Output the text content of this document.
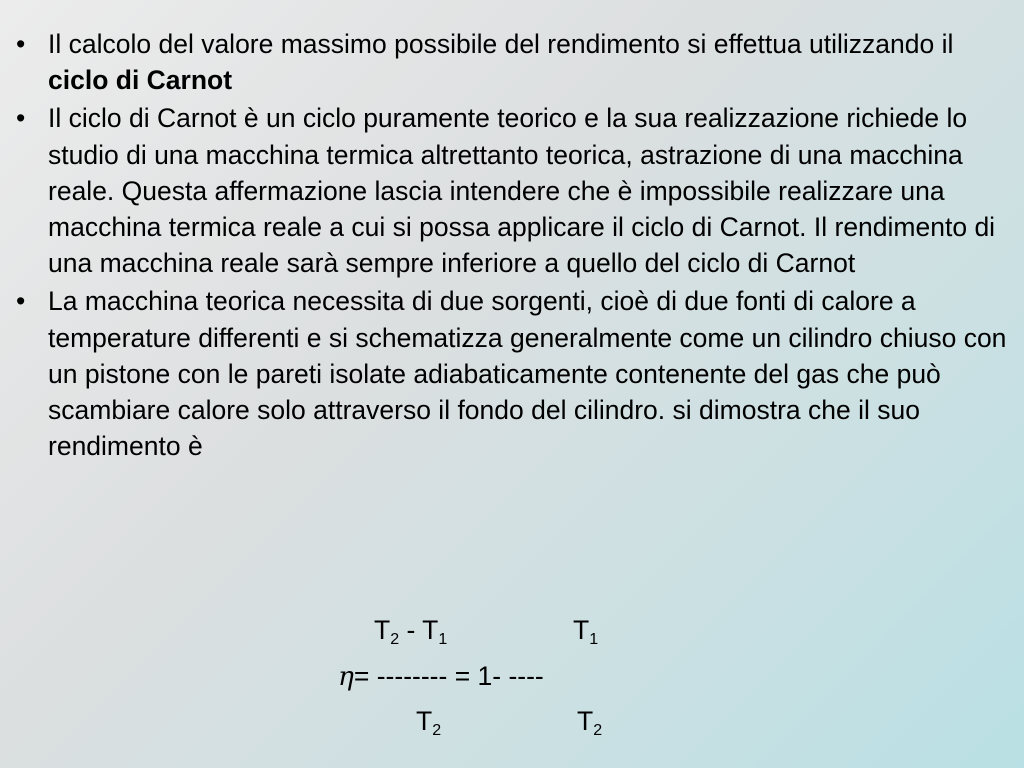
• Il calcolo del valore massimo possibile del rendimento si effettua utilizzando il ciclo di Carnot
• Il ciclo di Carnot è un ciclo puramente teorico e la sua realizzazione richiede lo studio di una macchina termica altrettanto teorica, astrazione di una macchina reale. Questa affermazione lascia intendere che è impossibile realizzare una macchina termica reale a cui si possa applicare il ciclo di Carnot. Il rendimento di una macchina reale sarà sempre inferiore a quello del ciclo di Carnot
• La macchina teorica necessita di due sorgenti, cioè di due fonti di calore a temperature differenti e si schematizza generalmente come un cilindro chiuso con un pistone con le pareti isolate adiabaticamente contenente del gas che può scambiare calore solo attraverso il fondo del cilindro. si dimostra che il suo rendimento è
$T_2 - T_1$	$T_1$
η= -------- = 1- ----
$T_2$	$T_2$
